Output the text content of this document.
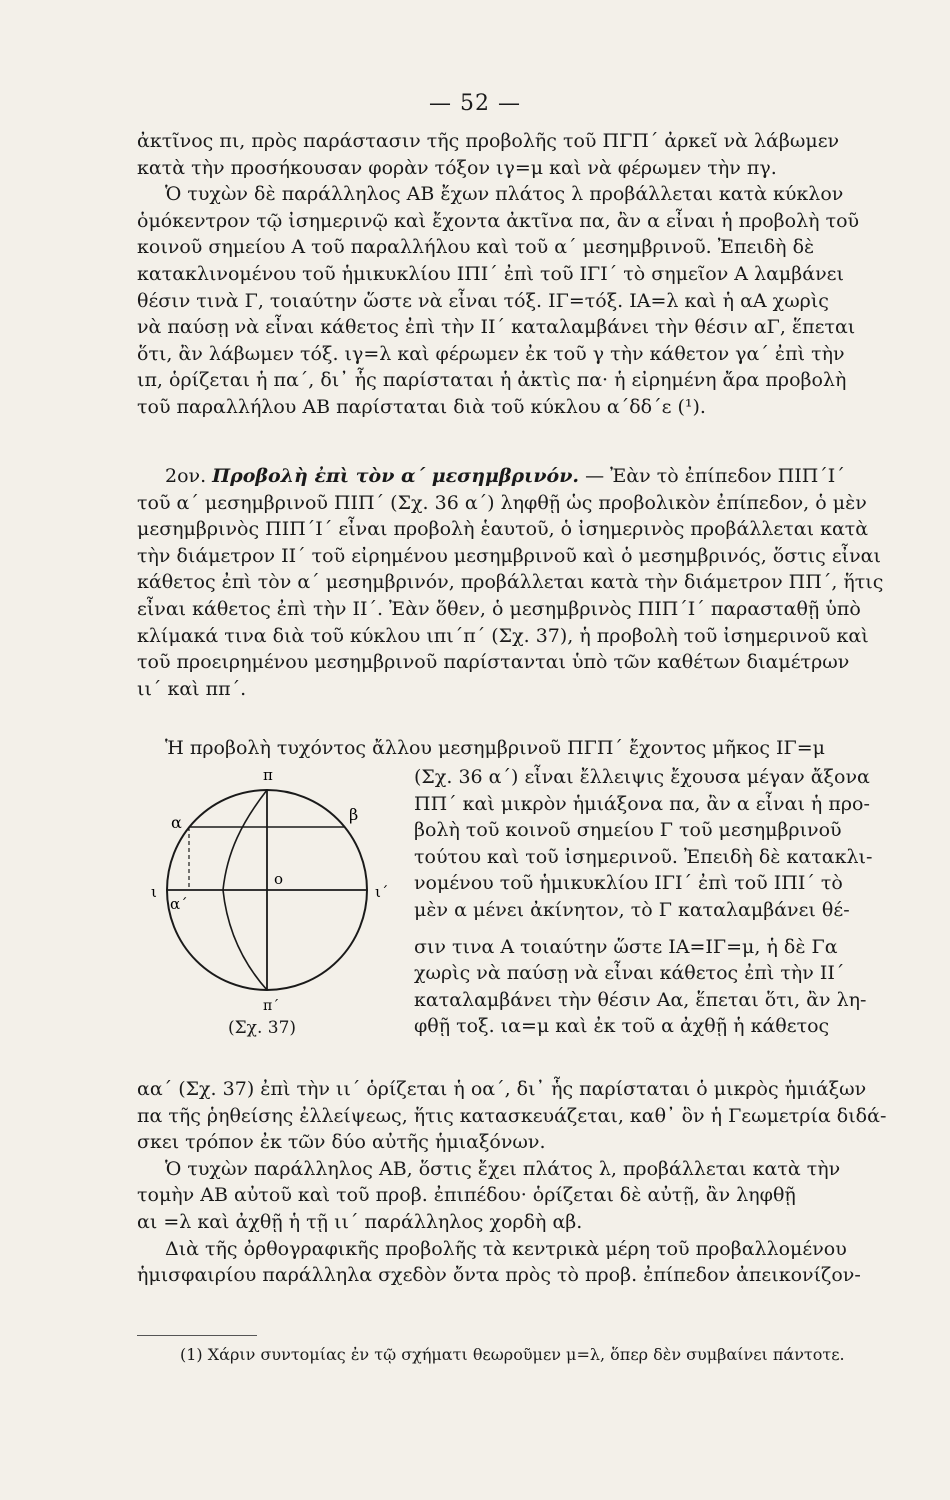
— 52 —
ἀκτῖνος πι, πρὸς παράστασιν τῆς προβολῆς τοῦ ΠΓΠ΄ ἀρκεῖ νὰ λάβωμεν
κατὰ τὴν προσήκουσαν φορὰν τόξον ιγ=μ καὶ νὰ φέρωμεν τὴν πγ.
Ὁ τυχὼν δὲ παράλληλος ΑΒ ἔχων πλάτος λ προβάλλεται κατὰ κύκλον
ὁμόκεντρον τῷ ἰσημερινῷ καὶ ἔχοντα ἀκτῖνα πα, ἂν α εἶναι ἡ προβολὴ τοῦ
κοινοῦ σημείου Α τοῦ παραλλήλου καὶ τοῦ α΄ μεσημβρινοῦ. Ἐπειδὴ δὲ
κατακλινομένου τοῦ ἡμικυκλίου ΙΠΙ΄ ἐπὶ τοῦ ΙΓΙ΄ τὸ σημεῖον Α λαμβάνει
θέσιν τινὰ Γ, τοιαύτην ὥστε νὰ εἶναι τόξ. ΙΓ=τόξ. ΙΑ=λ καὶ ἡ αΑ χωρὶς
νὰ παύσῃ νὰ εἶναι κάθετος ἐπὶ τὴν ΙΙ΄ καταλαμβάνει τὴν θέσιν αΓ, ἕπεται
ὅτι, ἂν λάβωμεν τόξ. ιγ=λ καὶ φέρωμεν ἐκ τοῦ γ τὴν κάθετον γα΄ ἐπὶ τὴν
ιπ, ὁρίζεται ἡ πα΄, δι᾿ ἧς παρίσταται ἡ ἀκτὶς πα· ἡ εἰρημένη ἄρα προβολὴ
τοῦ παραλλήλου ΑΒ παρίσταται διὰ τοῦ κύκλου α΄δδ΄ε (¹).
2ον. Προβολὴ ἐπὶ τὸν α΄ μεσημβρινόν. — Ἐὰν τὸ ἐπίπεδον ΠΙΠ΄Ι΄
τοῦ α΄ μεσημβρινοῦ ΠΙΠ΄ (Σχ. 36 α΄) ληφθῇ ὡς προβολικὸν ἐπίπεδον, ὁ μὲν
μεσημβρινὸς ΠΙΠ΄Ι΄ εἶναι προβολὴ ἑαυτοῦ, ὁ ἰσημερινὸς προβάλλεται κατὰ
τὴν διάμετρον ΙΙ΄ τοῦ εἰρημένου μεσημβρινοῦ καὶ ὁ μεσημβρινός, ὅστις εἶναι
κάθετος ἐπὶ τὸν α΄ μεσημβρινόν, προβάλλεται κατὰ τὴν διάμετρον ΠΠ΄, ἥτις
εἶναι κάθετος ἐπὶ τὴν ΙΙ΄. Ἐὰν ὅθεν, ὁ μεσημβρινὸς ΠΙΠ΄Ι΄ παρασταθῇ ὑπὸ
κλίμακά τινα διὰ τοῦ κύκλου ιπι΄π΄ (Σχ. 37), ἡ προβολὴ τοῦ ἰσημερινοῦ καὶ
τοῦ προειρημένου μεσημβρινοῦ παρίστανται ὑπὸ τῶν καθέτων διαμέτρων
ιι΄ καὶ ππ΄.
Ἡ προβολὴ τυχόντος ἄλλου μεσημβρινοῦ ΠΓΠ΄ ἔχοντος μῆκος ΙΓ=μ
π
α	β
ο
ι	ι΄
α΄
π΄
(Σχ. 37)
(Σχ. 36 α΄) εἶναι ἔλλειψις ἔχουσα μέγαν ἄξονα
ΠΠ΄ καὶ μικρὸν ἡμιάξονα πα, ἂν α εἶναι ἡ προ-
βολὴ τοῦ κοινοῦ σημείου Γ τοῦ μεσημβρινοῦ
τούτου καὶ τοῦ ἰσημερινοῦ. Ἐπειδὴ δὲ κατακλι-
νομένου τοῦ ἡμικυκλίου ΙΓΙ΄ ἐπὶ τοῦ ΙΠΙ΄ τὸ
μὲν α μένει ἀκίνητον, τὸ Γ καταλαμβάνει θέ-
σιν τινα Α τοιαύτην ὥστε ΙΑ=ΙΓ=μ, ἡ δὲ Γα
χωρὶς νὰ παύσῃ νὰ εἶναι κάθετος ἐπὶ τὴν ΙΙ΄
καταλαμβάνει τὴν θέσιν Αα, ἕπεται ὅτι, ἂν λη-
φθῇ τοξ. ια=μ καὶ ἐκ τοῦ α ἀχθῇ ἡ κάθετος
αα΄ (Σχ. 37) ἐπὶ τὴν ιι΄ ὁρίζεται ἡ οα΄, δι᾿ ἧς παρίσταται ὁ μικρὸς ἡμιάξων
πα τῆς ῥηθείσης ἐλλείψεως, ἥτις κατασκευάζεται, καθ᾿ ὃν ἡ Γεωμετρία διδά-
σκει τρόπον ἐκ τῶν δύο αὐτῆς ἡμιαξόνων.
Ὁ τυχὼν παράλληλος ΑΒ, ὅστις ἔχει πλάτος λ, προβάλλεται κατὰ τὴν
τομὴν ΑΒ αὐτοῦ καὶ τοῦ προβ. ἐπιπέδου· ὁρίζεται δὲ αὐτῇ, ἂν ληφθῇ
αι =λ καὶ ἀχθῇ ἡ τῇ ιι΄ παράλληλος χορδὴ αβ.
Διὰ τῆς ὀρθογραφικῆς προβολῆς τὰ κεντρικὰ μέρη τοῦ προβαλλομένου
ἡμισφαιρίου παράλληλα σχεδὸν ὄντα πρὸς τὸ προβ. ἐπίπεδον ἀπεικονίζον-
(1) Χάριν συντομίας ἐν τῷ σχήματι θεωροῦμεν μ=λ, ὅπερ δὲν συμβαίνει πάντοτε.
